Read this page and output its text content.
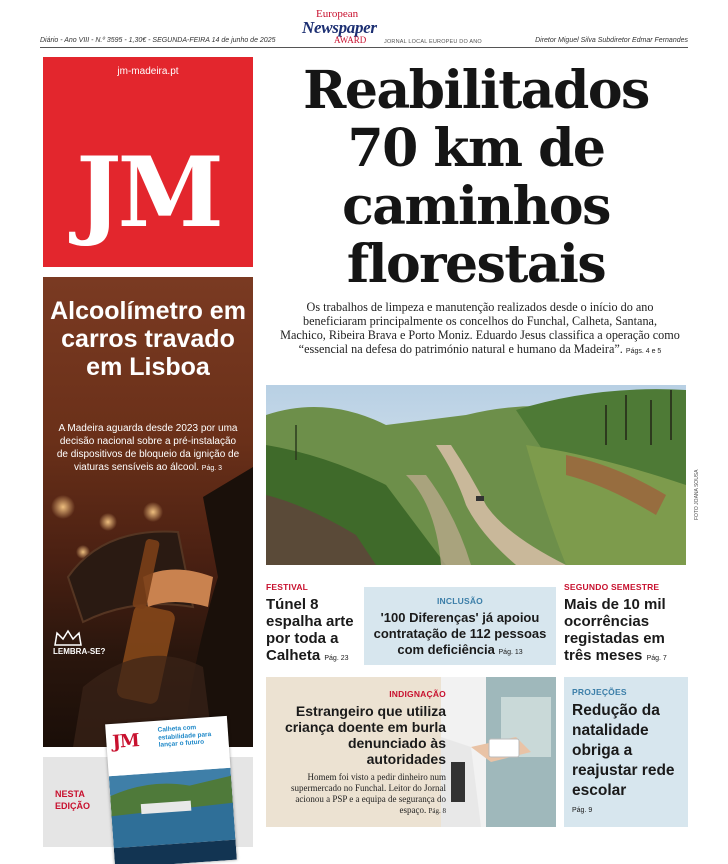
Diário - Ano VIII - N.º 3595 - 1,30€ - SEGUNDA-FEIRA 14 de junho de 2025
European
Newspaper
AWARD	JORNAL LOCAL EUROPEU DO ANO	Diretor Miguel Silva Subdiretor Edmar Fernandes
jm-madeira.pt
JM
Alcoolímetro em carros travado em Lisboa
A Madeira aguarda desde 2023 por uma decisão nacional sobre a pré-instalação de dispositivos de bloqueio da ignição de viaturas sensíveis ao álcool. Pág. 3
LEMBRA-SE?
Reabilitados 70 km de caminhos florestais
Os trabalhos de limpeza e manutenção realizados desde o início do ano beneficiaram principalmente os concelhos do Funchal, Calheta, Santana, Machico, Ribeira Brava e Porto Moniz. Eduardo Jesus classifica a operação como “essencial na defesa do património natural e humano da Madeira”. Págs. 4 e 5
FOTO JOANA SOUSA
FESTIVAL
Túnel 8 espalha arte por toda a Calheta Pág. 23
INCLUSÃO
'100 Diferenças' já apoiou contratação de 112 pessoas com deficiência Pág. 13
SEGUNDO SEMESTRE
Mais de 10 mil ocorrências registadas em três meses Pág. 7
INDIGNAÇÃO
Estrangeiro que utiliza criança doente em burla denunciado às autoridades
Homem foi visto a pedir dinheiro num supermercado no Funchal. Leitor do Jornal acionou a PSP e a equipa de segurança do espaço. Pág. 8
PROJEÇÕES
Redução da natalidade obriga a reajustar rede escolar
Pág. 9
NESTA EDIÇÃO
JM
Calheta com estabilidade para lançar o futuro
